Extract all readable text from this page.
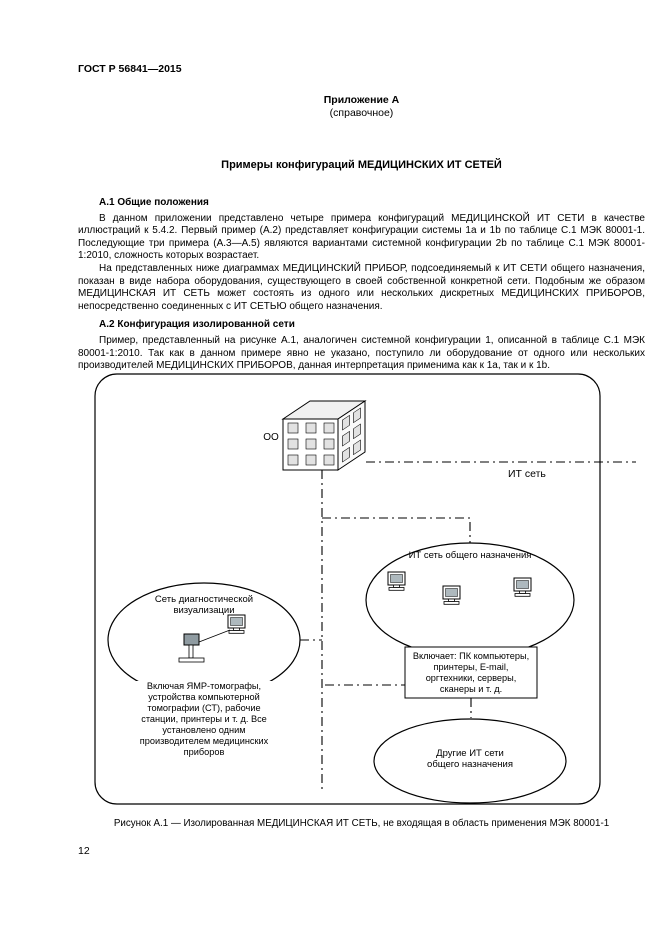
ГОСТ Р 56841—2015
Приложение А
(справочное)
Примеры конфигураций МЕДИЦИНСКИХ ИТ СЕТЕЙ

А.1 Общие положения

В данном приложении представлено четыре примера конфигураций МЕДИЦИНСКОЙ ИТ СЕТИ в качестве иллюстраций к 5.4.2. Первый пример (А.2) представляет конфигурации системы 1a и 1b по таблице С.1 МЭК 80001-1. Последующие три примера (А.3—А.5) являются вариантами системной конфигурации 2b по таблице С.1 МЭК 80001-1:2010, сложность которых возрастает.

На представленных ниже диаграммах МЕДИЦИНСКИЙ ПРИБОР, подсоединяемый к ИТ СЕТИ общего назначения, показан в виде набора оборудования, существующего в своей собственной конкретной сети. Подобным же образом МЕДИЦИНСКАЯ ИТ СЕТЬ может состоять из одного или нескольких дискретных МЕДИЦИНСКИХ ПРИБОРОВ, непосредственно соединенных с ИТ СЕТЬЮ общего назначения.

А.2 Конфигурация изолированной сети

Пример, представленный на рисунке А.1, аналогичен системной конфигурации 1, описанной в таблице С.1 МЭК 80001-1:2010. Так как в данном примере явно не указано, поступило ли оборудование от одного или нескольких производителей МЕДИЦИНСКИХ ПРИБОРОВ, данная интерпретация применима как к 1a, так и к 1b.

ОО
ИТ сеть
ИТ сеть общего назначения
Сеть диагностической визуализации
Включая ЯМР-томографы, устройства компьютерной томографии (СТ), рабочие станции, принтеры и т. д. Все установлено одним производителем медицинских приборов
Включает: ПК компьютеры, принтеры, E-mail, оргтехники, серверы, сканеры и т. д.
Другие ИТ сети общего назначения
Рисунок А.1 — Изолированная МЕДИЦИНСКАЯ ИТ СЕТЬ, не входящая в область применения МЭК 80001-1
12
